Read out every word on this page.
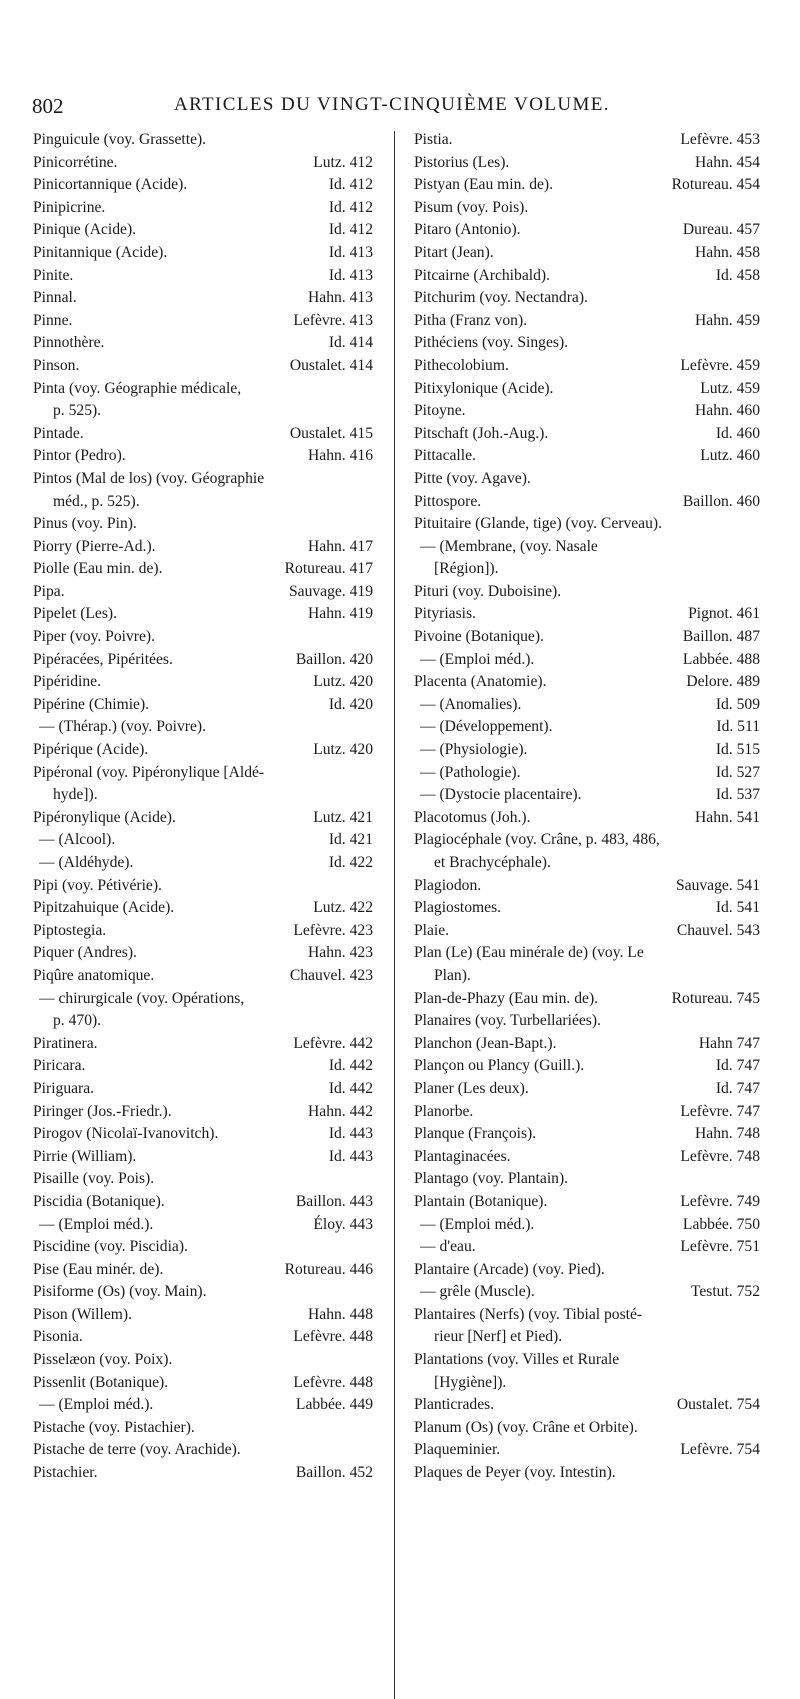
802	ARTICLES DU VINGT-CINQUIÈME VOLUME.
Pinguicule (voy. Grassette).
Pinicorrétine.	Lutz. 412
Pinicortannique (Acide).	Id. 412
Pinipicrine.	Id. 412
Pinique (Acide).	Id. 412
Pinitannique (Acide).	Id. 413
Pinite.	Id. 413
Pinnal.	Hahn. 413
Pinne.	Lefèvre. 413
Pinnothère.	Id. 414
Pinson.	Oustalet. 414
Pinta (voy. Géographie médicale,
p. 525).
Pintade.	Oustalet. 415
Pintor (Pedro).	Hahn. 416
Pintos (Mal de los) (voy. Géographie
méd., p. 525).
Pinus (voy. Pin).
Piorry (Pierre-Ad.).	Hahn. 417
Piolle (Eau min. de).	Rotureau. 417
Pipa.	Sauvage. 419
Pipelet (Les).	Hahn. 419
Piper (voy. Poivre).
Pipéracées, Pipéritées.	Baillon. 420
Pipéridine.	Lutz. 420
Pipérine (Chimie).	Id. 420
— (Thérap.) (voy. Poivre).
Pipérique (Acide).	Lutz. 420
Pipéronal (voy. Pipéronylique [Aldé-
hyde]).
Pipéronylique (Acide).	Lutz. 421
— (Alcool).	Id. 421
— (Aldéhyde).	Id. 422
Pipi (voy. Pétivérie).
Pipitzahuique (Acide).	Lutz. 422
Piptostegia.	Lefèvre. 423
Piquer (Andres).	Hahn. 423
Piqûre anatomique.	Chauvel. 423
— chirurgicale (voy. Opérations,
p. 470).
Piratinera.	Lefèvre. 442
Piricara.	Id. 442
Piriguara.	Id. 442
Piringer (Jos.-Friedr.).	Hahn. 442
Pirogov (Nicolaï-Ivanovitch).	Id. 443
Pirrie (William).	Id. 443
Pisaille (voy. Pois).
Piscidia (Botanique).	Baillon. 443
— (Emploi méd.).	Éloy. 443
Piscidine (voy. Piscidia).
Pise (Eau minér. de).	Rotureau. 446
Pisiforme (Os) (voy. Main).
Pison (Willem).	Hahn. 448
Pisonia.	Lefèvre. 448
Pisselæon (voy. Poix).
Pissenlit (Botanique).	Lefèvre. 448
— (Emploi méd.).	Labbée. 449
Pistache (voy. Pistachier).
Pistache de terre (voy. Arachide).
Pistachier.	Baillon. 452
Pistia.	Lefèvre. 453
Pistorius (Les).	Hahn. 454
Pistyan (Eau min. de).	Rotureau. 454
Pisum (voy. Pois).
Pitaro (Antonio).	Dureau. 457
Pitart (Jean).	Hahn. 458
Pitcairne (Archibald).	Id. 458
Pitchurim (voy. Nectandra).
Pitha (Franz von).	Hahn. 459
Pithéciens (voy. Singes).
Pithecolobium.	Lefèvre. 459
Pitixylonique (Acide).	Lutz. 459
Pitoyne.	Hahn. 460
Pitschaft (Joh.-Aug.).	Id. 460
Pittacalle.	Lutz. 460
Pitte (voy. Agave).
Pittospore.	Baillon. 460
Pituitaire (Glande, tige) (voy. Cerveau).
— (Membrane, (voy. Nasale
[Région]).
Pituri (voy. Duboisine).
Pityriasis.	Pignot. 461
Pivoine (Botanique).	Baillon. 487
— (Emploi méd.).	Labbée. 488
Placenta (Anatomie).	Delore. 489
— (Anomalies).	Id. 509
— (Développement).	Id. 511
— (Physiologie).	Id. 515
— (Pathologie).	Id. 527
— (Dystocie placentaire).	Id. 537
Placotomus (Joh.).	Hahn. 541
Plagiocéphale (voy. Crâne, p. 483, 486,
et Brachycéphale).
Plagiodon.	Sauvage. 541
Plagiostomes.	Id. 541
Plaie.	Chauvel. 543
Plan (Le) (Eau minérale de) (voy. Le
Plan).
Plan-de-Phazy (Eau min. de).	Rotureau. 745
Planaires (voy. Turbellariées).
Planchon (Jean-Bapt.).	Hahn 747
Plançon ou Plancy (Guill.).	Id. 747
Planer (Les deux).	Id. 747
Planorbe.	Lefèvre. 747
Planque (François).	Hahn. 748
Plantaginacées.	Lefèvre. 748
Plantago (voy. Plantain).
Plantain (Botanique).	Lefèvre. 749
— (Emploi méd.).	Labbée. 750
— d'eau.	Lefèvre. 751
Plantaire (Arcade) (voy. Pied).
— grêle (Muscle).	Testut. 752
Plantaires (Nerfs) (voy. Tibial posté-
rieur [Nerf] et Pied).
Plantations (voy. Villes et Rurale
[Hygiène]).
Planticrades.	Oustalet. 754
Planum (Os) (voy. Crâne et Orbite).
Plaqueminier.	Lefèvre. 754
Plaques de Peyer (voy. Intestin).
